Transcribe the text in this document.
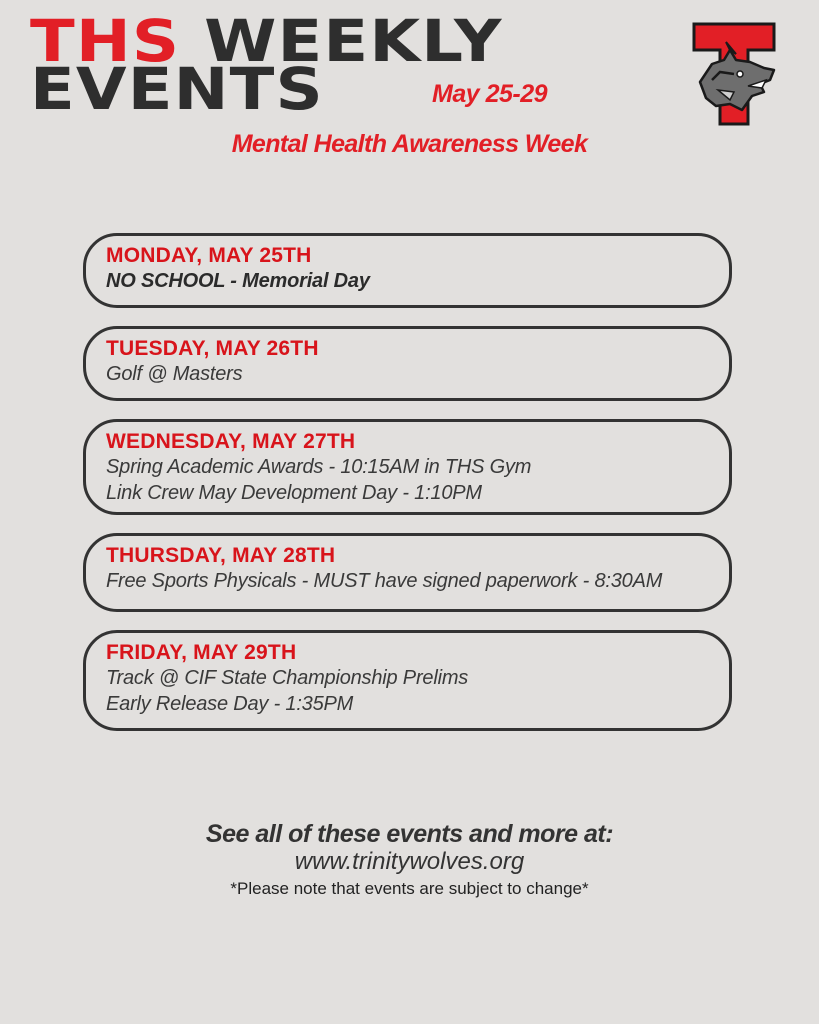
THS WEEKLY
EVENTS	May 25-29
Mental Health Awareness Week
MONDAY, MAY 25TH
NO SCHOOL - Memorial Day
TUESDAY, MAY 26TH
Golf @ Masters
WEDNESDAY, MAY 27TH
Spring Academic Awards - 10:15AM in THS Gym
Link Crew May Development Day - 1:10PM
THURSDAY, MAY 28TH
Free Sports Physicals - MUST have signed paperwork - 8:30AM
FRIDAY, MAY 29TH
Track @ CIF State Championship Prelims
Early Release Day - 1:35PM
See all of these events and more at:
www.trinitywolves.org
*Please note that events are subject to change*
